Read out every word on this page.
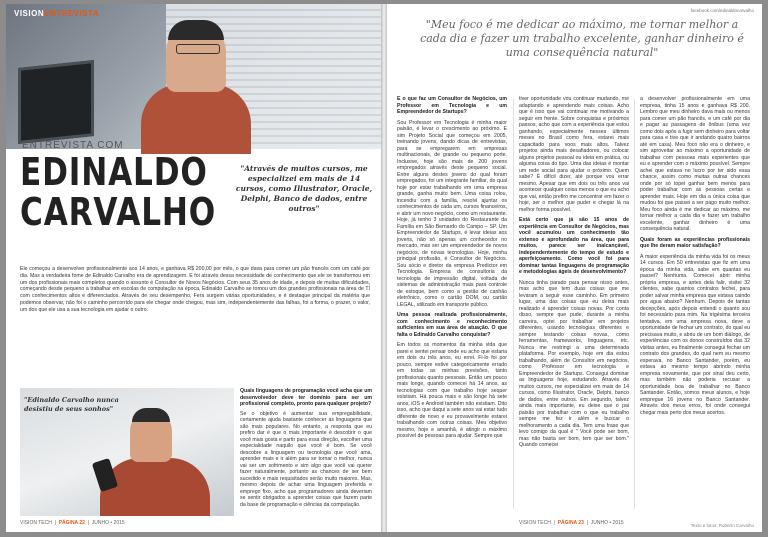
VISIONENTREVISTA
ENTREVISTA COM
EDINALDO
CARVALHO
"Através de muitos cursos, me especializei em mais de 14 cursos, como Illustrator, Oracle, Delphi, Banco de dados, entre outros"
Ele começou a desenvolver profissionalmente aos 14 anos, e ganhava R$ 200,00 por mês, o que dava para comer um pão francês com um café por dia. Mas a verdadeira fome de Edinaldo Carvalho era de aprendizagem. E foi através dessa necessidade de conhecimento que ele se transformou em um dos profissionais mais completos quando o assunto é Consultor de Novos Negócios. Com seus 35 anos de idade, e depois de muitas dificuldades, começando desde pequeno a trabalhar em escolas de computação na época, Edinaldo Carvalho se tornou um dos grandes profissionais na área de TI com conhecimentos altos e diferenciados. Através de seu desempenho, Fera surgem várias oportunidades, e é destaque principal da matéria que podemos observar, não foi o caminho percorrido para ele chegar onde chegou, mas sim, independentemente das falhas, foi a forma, o prazer, o valor, um dos que ele usa a sua tecnologia em ajudar o outro.
"Edinaldo Carvalho nunca desistiu de seus sonhos"

Quais linguagens de programação você acha que um desenvolvedor deve ter domínio para ser um profissional completo, pronto para qualquer projeto?

Se o objetivo é aumentar sua empregabilidade, certamente ajuda bastante conhecer as linguagens que são mais populares. No entanto, a resposta que eu prefiro dar é que o mais importante é descobrir o que você mais gosta e partir para essa direção, escolher uma especialidade naquilo que você é bom. Se você descobre a linguagem ou tecnologia que você ama, aprender mais e ir além para se tornar o melhor, nunca vai ser um sofrimento e sim algo que você vai querer fazer naturalmente, portanto as chances de ser bem sucedido e mais requisitados serão muito maiores. Mas, mesmo depois de achar uma linguagem preferida e emprego fixo, acho que programadores ainda deveriam se sentir obrigados a aprender coisas que fazem parte da base de programação e ciências da computação.

VISION TECH  |  PÁGINA 22  |  JUNHO • 2015
facebook.com/edinaldocarvalho
"Meu foco é me dedicar ao máximo, me tornar melhor a cada dia e fazer um trabalho excelente, ganhar dinheiro é uma consequência natural"

E o que faz um Consultor de Negócios, um Professor em Tecnologia e um Empreendedor de Startups?

Sou Professor em Tecnologia é minha maior paixão, é levar o crescimento ao próximo. E sim Projeto Social que começou em 2005, treinando jovens, dando dicas de entrevistas, para se empregarem em empresas multinacionais, de grande ou pequeno porte. Inclusive, hoje são mais de 200 jovens empregados através deste pequeno social. Entre alguns destes jovens do qual foram empregados, foi um integrante familiar, do qual hoje por estar trabalhando em uma empresa grande, ganha muito bem. Uma coisa rolou, incendiu com a família, resolvi ajuntar os conhecimentos de cada um, cursos financeiros, e abrir um novo negócio, como um restaurante. Hoje, já tenho 3 unidades do Restaurante da Família em São Bernardo do Campo – SP. Um Empreendedor de Startups, é levar ideias aos jovens, não só apenas um conhecedor no mercado, mas ser um empreendedor de novos negócios, de novas tecnologias. Hoje, minha principal profissão, é Consultor de Negócios. Sou sócio e diretor da empresa Predictor em Tecnologia. Empresa de consultoria da tecnologia de impressão digital, voltada de sistemas de administração mais para controle de estoque, bem como a gestão de canhão eletrônico, como o cartão DOM, ou cartão LEGAL, utilizado em transporte público.

Uma pessoa realizada profissionalmente, com conhecimento e reconhecimento suficientes em sua área de atuação. O que falta o Edinaldo Carvalho conquistar?

Em todos os momentos da minha vida que parei e sentei pensar onde eu acho que estaria em dois ou três anos, eu errei. Fi-lo foi por pouco, sempre estive categoricamente errado em todas as minhas previsões, tanto profissionais quanto pessoais. Então um pouco mais longe, quando comecei há 14 anos, as tecnologias com que trabalho hoje sequer existiam. Há pouca mais e são longe há sete anos, iOS e Android também não existiam. Dito isso, acho que daqui a sete anos vai estar tudo diferente de novo e eu provavelmente estarei trabalhando com outras coisas. Meu objetivo mesmo, hoje e amanhã, é atingir o máximo possível de pessoas para ajudar. Sempre que

tiver oportunidade vou continuar mudando, me adaptando e aprendendo mais coisas. Acho que é isso que vai continuar me motivando a seguir em frente. Sobre conquistas e próximos passos, acho que com a experiência que estou ganhando, especialmente nesses últimos meses no Brasil como fera, estarei mais capacitado para voos mais altos. Talvez projetos ainda mais desafiadores, ou colocar alguns projetos pessoal ou ideia em prática, ou alguma coisa do tipo. Uma das ideias é montar um rede social para ajudar o próximo. Quem sabe? É difícil dizer, até porque vou errar mesmo. Apesar que em dois ou três anos vai acontecer qualquer coisa menos o que eu acho que vai, então prefiro me concentrar em fazer o hoje, ser o melhor que puder e chegar lá na melhor forma possível.

Está certo que já são 15 anos de experiência em Consultor de Negócios, mas você acumulou um conhecimento tão extenso e aprofundado na área, que para muitos, parece ser inalcançável, independentemente do tempo de estudo e aperfeiçoamento. Como você foi para dominar tantas linguagens de programação e metodologias ágeis de desenvolvimento?

Nunca tinha parado para pensar nisso antes, mas acho que tem duas coisas que me levaram a seguir esse caminho. Em primeiro lugar, uma das coisas que eu deixa mais realizado é aprender coisas novas. Por conta disso, sempre que pude, durante a minha carreira, optei por trabalhar em projetos diferentes, usando tecnologias diferentes e sempre testando coisas novas, como ferramentas, frameworks, linguagens, etc. Nunca me restringi a uma determinada plataforma. Por exemplo, hoje em dia estou trabalhando, além de Consultor em negócios, como Professor em tecnologia e Empreendedor de Startups. Consegui dominar as linguagens hoje, estudando. Através de muitos cursos, me especializei em mais de 14 cursos, como Illustrator, Oracle, Delphi, banco de dados, entre outros. Em segundo, talvez ainda mais importante, eu deixe que o pai paixão por trabalhar com o que eu trabalho sempre me fez ir além e buscar o melhoramento a cada dia. Tem uma frase que levo comigo da qual é " Você pode ser bom, mas não basta ser bom, tem que ser bom." Quando comecei

a desenvolver profissionalmente em uma empresa, tinha 15 anos e ganhava R$ 200. Lembro que meu dinheiro dava mais ou menos para comer um pão francês, e um café por dia e pagar as passagens de ônibus (uma vez como dois após a fugir sem dinheiro para voltar para casa e tive que ir andando quatro bairros até em casa). Meu foco não era o dinheiro, e sim aproveitar ao máximo a oportunidade de trabalhar com pessoas mais experientes que eu e aprender com o máximo possível. Sempre achei que estava no lucro por ter sido essa chance, assim como muitas outras chances onde por só topei ganhar bem menos para poder trabalhar com as pessoas certas e aprender mais. Hoje em dia a única coisa que mudou foi que passei a ser pago muito melhor. Meu foco ainda é me dedicar ao máximo, me tornar melhor a cada dia e fazer um trabalho excelente, ganhar dinheiro é uma consequência natural.

Quais foram as experiências profissionais que lhe deram maior satisfação?

A maior experiência da minha vida foi os meus 14 cursos. Em 50 entrevistas que fiz em uma época da minha vida, sabe em quantas eu passei? Nenhuma. Comecei abrir minha própria empresa, e antes dela falir, visitei 32 clientes, sabe quantos contratos fechei, para poder salvar minha empresa que estava caindo por agua abaixo? Nenhum. Depois de tantas decepções, após depois entendi o quanto sou foi necessário para mim. Na trigésima terceira tentativa, em uma empresa nova, deve a oportunidade de fechar um contrato, do qual eu precisava muito, e abriu de um bom diálogo, de experiências com os donos construídos das 32 visitas antes, eu finalmente consegui fechar um contrato dos grandes, do qual nem eu mesmo esperava, no Banco Santander, porém, eu estava ao mesmo tempo abrindo minha empresa novamente, que por sinal deu certo, mas também não poderia recusar a oportunidade boa de trabalhar no Banco Santander. Então, somos meus alunos, e hoje empregue 16 jovens no Banco Santander. Através dos meus erros, foi onde consegui chegar mais perto dos meus acertos.

VISION TECH  |  PÁGINA 23  |  JUNHO • 2015	Texto e fotos: Roberto Carvalho
